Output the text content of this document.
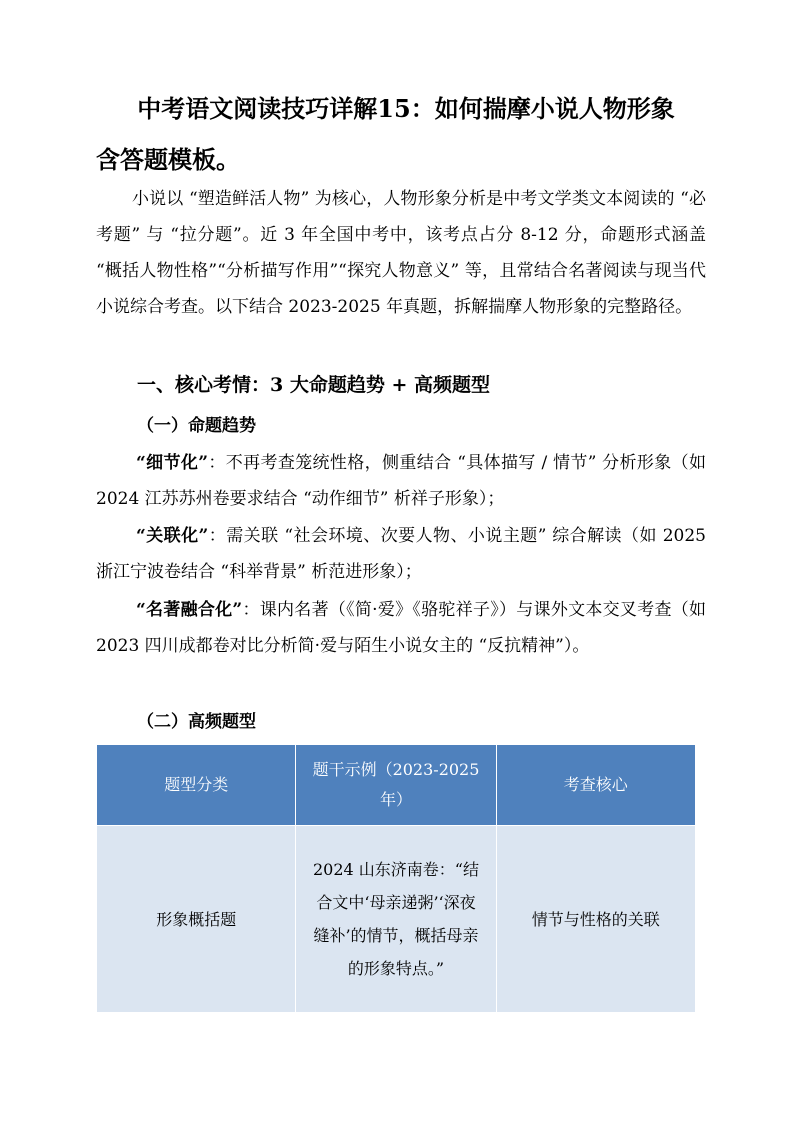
中考语文阅读技巧详解15：如何揣摩小说人物形象
含答题模板。

小说以 “塑造鲜活人物” 为核心，人物形象分析是中考文学类文本阅读的 “必考题” 与 “拉分题”。近 3 年全国中考中，该考点占分 8-12 分，命题形式涵盖 “概括人物性格”“分析描写作用”“探究人物意义” 等，且常结合名著阅读与现当代小说综合考查。以下结合 2023-2025 年真题，拆解揣摩人物形象的完整路径。

一、核心考情：3 大命题趋势 + 高频题型
（一）命题趋势

“细节化”：不再考查笼统性格，侧重结合 “具体描写 / 情节” 分析形象（如 2024 江苏苏州卷要求结合 “动作细节” 析祥子形象）；

“关联化”：需关联 “社会环境、次要人物、小说主题” 综合解读（如 2025 浙江宁波卷结合 “科举背景” 析范进形象）；

“名著融合化”：课内名著（《简·爱》《骆驼祥子》）与课外文本交叉考查（如 2023 四川成都卷对比分析简·爱与陌生小说女主的 “反抗精神”）。

（二）高频题型
题型分类	题干示例（2023-2025年）	考查核心
形象概括题	2024 山东济南卷：“结合文中‘母亲递粥’‘深夜缝补’的情节，概括母亲的形象特点。”	情节与性格的关联
